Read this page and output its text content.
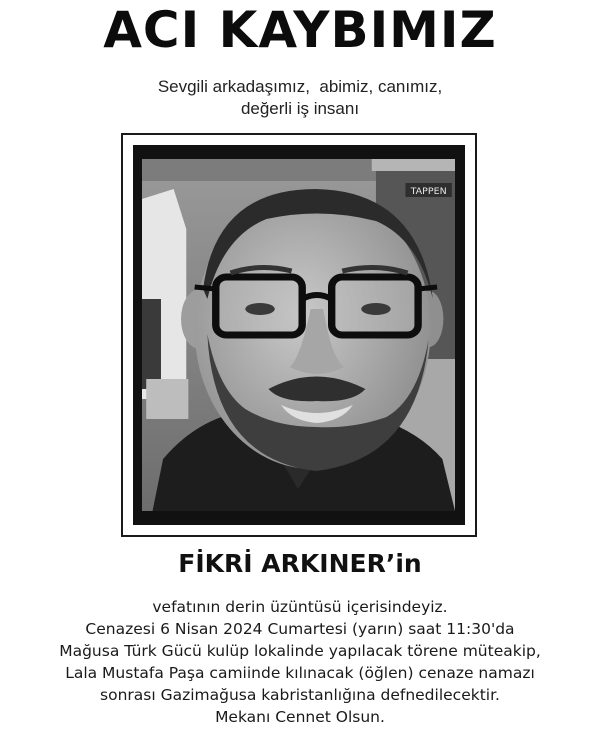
ACI KAYBIMIZ
Sevgili arkadaşımız,  abimiz, canımız,
değerli iş insanı
TAPPEN
FİKRİ ARKINER’in
vefatının derin üzüntüsü içerisindeyiz.
Cenazesi 6 Nisan 2024 Cumartesi (yarın) saat 11:30'da
Mağusa Türk Gücü kulüp lokalinde yapılacak törene müteakip,
Lala Mustafa Paşa camiinde kılınacak (öğlen) cenaze namazı
sonrası Gazimağusa kabristanlığına defnedilecektir.
Mekanı Cennet Olsun.
